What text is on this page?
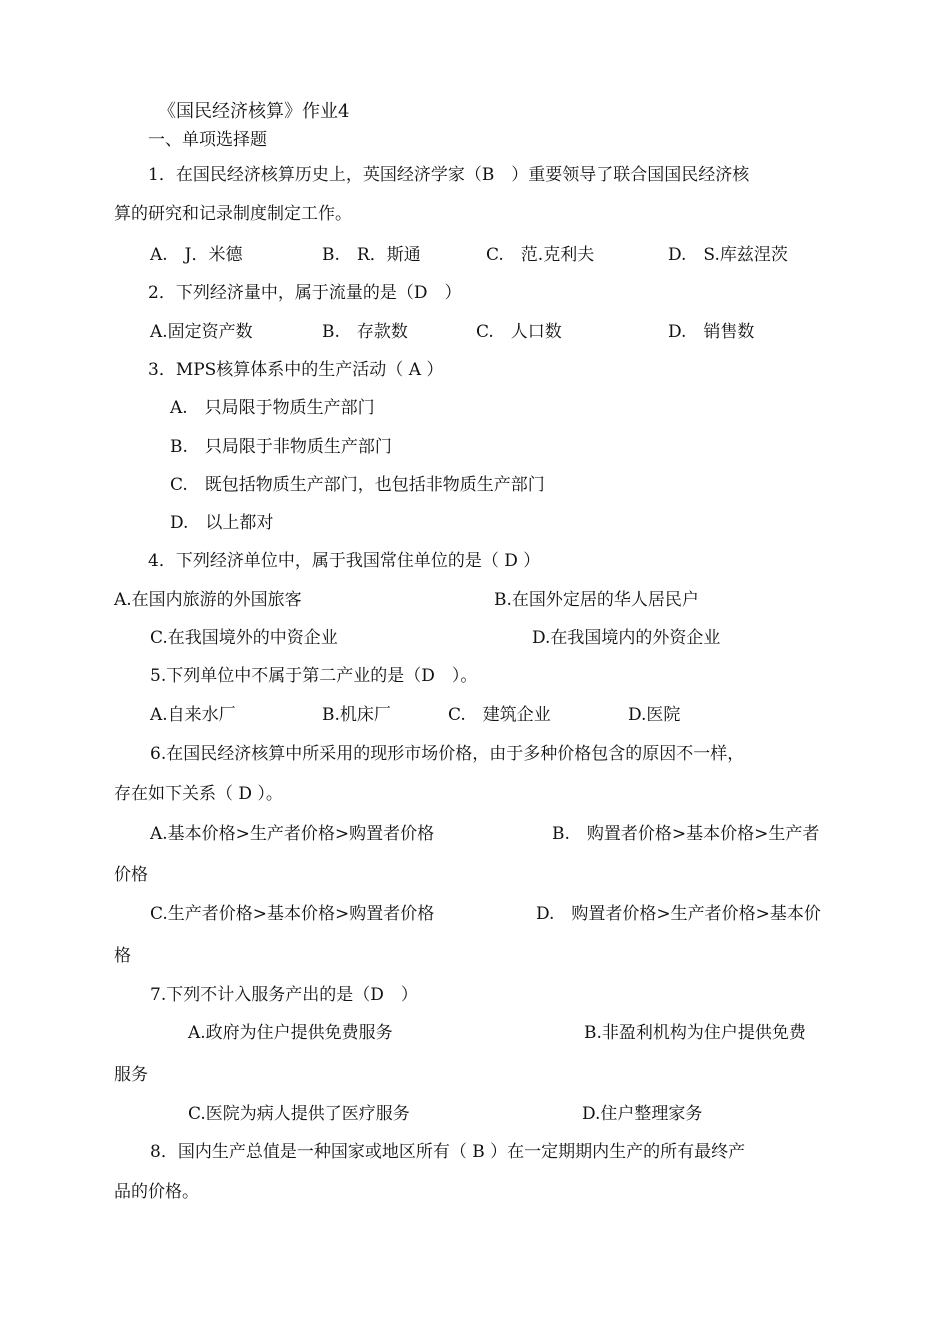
《国民经济核算》作业4
一、单项选择题
1．在国民经济核算历史上，英国经济学家（B　）重要领导了联合国国民经济核
算的研究和记录制度制定工作。
A.　J．米德	B.　R．斯通	C.　范.克利夫	D.　S.库兹涅茨
2．下列经济量中，属于流量的是（D　）
A.固定资产数	B.　存款数	C.　人口数	D.　销售数
3．MPS核算体系中的生产活动（ A ）
A.　只局限于物质生产部门
B.　只局限于非物质生产部门
C.　既包括物质生产部门，也包括非物质生产部门
D.　以上都对
4．下列经济单位中，属于我国常住单位的是（ D ）
A.在国内旅游的外国旅客	B.在国外定居的华人居民户
C.在我国境外的中资企业	D.在我国境内的外资企业
5.下列单位中不属于第二产业的是（D　）。
A.自来水厂	B.机床厂	C.　建筑企业	D.医院
6.在国民经济核算中所采用的现形市场价格，由于多种价格包含的原因不一样，
存在如下关系（ D ）。
A.基本价格>生产者价格>购置者价格	B.　购置者价格>基本价格>生产者
价格
C.生产者价格>基本价格>购置者价格	D.　购置者价格>生产者价格>基本价
格
7.下列不计入服务产出的是（D　）
A.政府为住户提供免费服务	B.非盈利机构为住户提供免费
服务
C.医院为病人提供了医疗服务	D.住户整理家务
8．国内生产总值是一种国家或地区所有（ B ）在一定期期内生产的所有最终产
品的价格。
